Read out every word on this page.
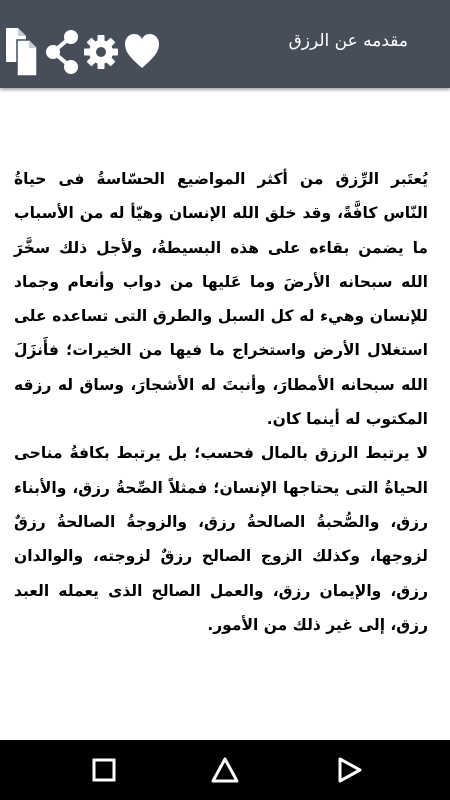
مقدمه عن الرزق

يُعتَبر الرِّزق من أكثر المواضيع الحسّاسةُ فى حياةُ النّاس كافَّةً، وقد خلق الله الإنسان وهيّأ له من الأسباب ما يضمن بقاءه على هذه البسيطةُ، ولأجل ذلك سخَّرَ الله سبحانه الأرضَ وما عَليها من دواب وأنعام وجماد للإنسان وهيء له كل السبل والطرق التى تساعده على استغلال الأرض واستخراج ما فيها من الخيرات؛ فأَنزَلَ الله سبحانه الأمطارَ، وأنبتَ له الأشجارَ، وساق له رزقه المكتوب له أينما كان.

لا يرتبط الرزق بالمال فحسب؛ بل يرتبط بكافةُ مناحى الحياةُ التى يحتاجها الإنسان؛ فمثلاً الصِّحةُ رزق، والأبناء رزق، والصُّحبةُ الصالحةُ رزق، والزوجةُ الصالحةُ رزقٌ لزوجها، وكذلك الزوج الصالح رزقٌ لزوجته، والوالدان رزق، والإيمان رزق، والعمل الصالح الذى يعمله العبد رزق، إلى غير ذلك من الأمور.
